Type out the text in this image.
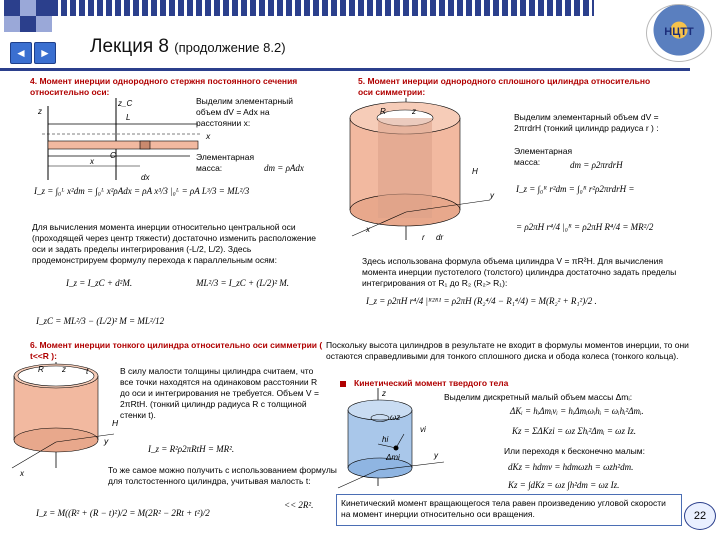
НЦТТ
◄	► Лекция 8 (продолжение 8.2)
4. Момент инерции однородного стержня постоянного сечения относительно оси:
z
z_C
L
x
C
dx
Выделим элементарный объем dV = Adx на расстоянии x:
x
Элементарная масса:	dm = ρAdx
I_z = ∫₀ᴸ x²dm = ∫₀ᴸ x²ρAdx = ρA x³/3 |₀ᴸ = ρA L³/3 = ML²/3
Для вычисления момента инерции относительно центральной оси (проходящей через центр тяжести) достаточно изменить расположение оси и задать пределы интегрирования (-L/2, L/2). Здесь продемонстрируем формулу перехода к параллельным осям:
I_z = I_zC + d²M.	ML²/3 = I_zC + (L/2)² M.
I_zC = ML²/3 − (L/2)² M = ML²/12
5. Момент инерции однородного сплошного цилиндра относительно оси симметрии:
R	z
H
y
x
r dr
Выделим элементарный объем dV = 2πrdrH (тонкий цилиндр радиуса r ) :
Элементарная масса:	dm = ρ2πrdrH
I_z = ∫₀ᴿ r²dm = ∫₀ᴿ r²ρ2πrdrH =
= ρ2πH r⁴/4 |₀ᴿ = ρ2πH R⁴/4 = MR²/2
Здесь использована формула объема цилиндра V = πR²H. Для вычисления момента инерции пустотелого (толстого) цилиндра достаточно задать пределы интегрирования от R₁ до R₂ (R₂> R₁):
I_z = ρ2πH r⁴/4 |ᴿ²ᴿ¹ = ρ2πH (R₂⁴/4 − R₁⁴/4) = M(R₂² + R₁²)/2 .
6. Момент инерции тонкого цилиндра относительно оси симметрии ( t<<R ):
R z	t
x
H
y
В силу малости толщины цилиндра считаем, что все точки находятся на одинаковом расстоянии R до оси и интегрирования не требуется. Объем V = 2πRtH. (тонкий цилиндр радиуса R с толщиной стенки t).
I_z = R²ρ2πRtH = MR².
То же самое можно получить с использованием формулы для толстостенного цилиндра, учитывая малость t:
I_z = M((R² + (R − t)²)/2 = M(2R² − 2Rt + t²)/2
<< 2R².
Поскольку высота цилиндров в результате не входит в формулы моментов инерции, то они остаются справедливыми для тонкого сплошного диска и обода колеса (тонкого кольца).
Кинетический момент твердого тела
z
ωz
hi
Δmi
vi
y
Выделим дискретный малый объем массы Δmᵢ:
ΔKᵢ = hᵢΔmᵢvᵢ = hᵢΔmᵢωᵢhᵢ = ωᵢhᵢ²Δmᵢ.
Kz = ΣΔKzi = ωz Σhᵢ²Δmᵢ = ωz Iz.
Или переходя к бесконечно малым:
dKz = hdmv = hdmωzh = ωzh²dm.
Kz = ∫dKz = ωz ∫h²dm = ωz Iz.
Кинетический момент вращающегося тела равен произведению угловой скорости на момент инерции относительно оси вращения.	22
